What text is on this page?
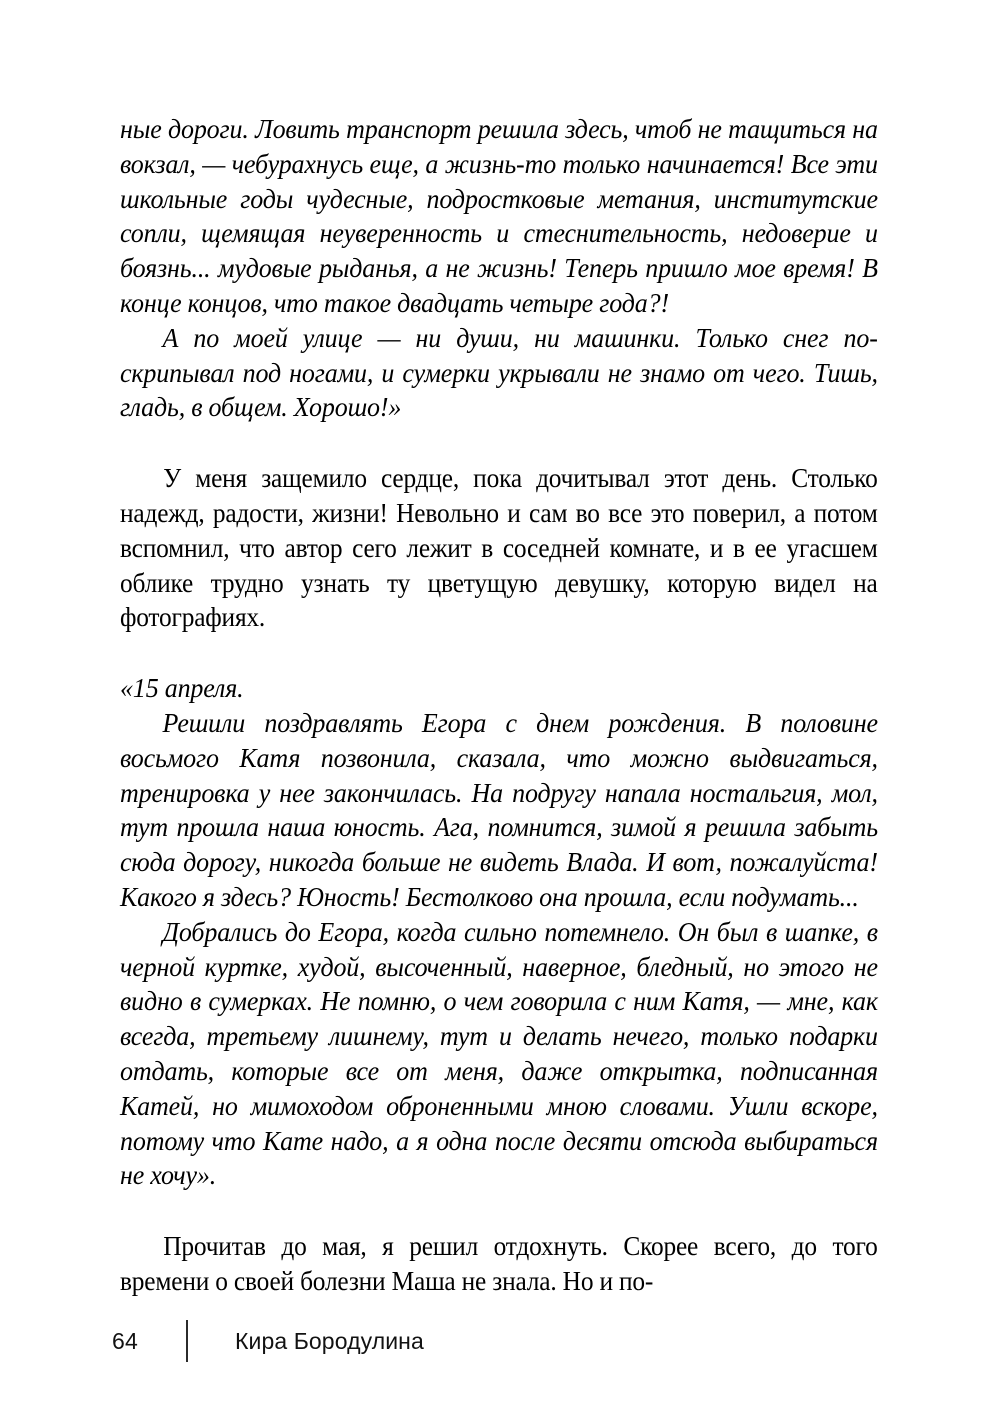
ные дороги. Ловить транспорт решила здесь, чтоб не тащиться на вокзал, — чебурахнусь еще, а жизнь-то только начинается! Все эти школьные годы чудесные, подростковые метания, институтские сопли, щемящая неуверенность и стеснительность, недоверие и боязнь... мудовые рыданья, а не жизнь! Теперь пришло мое время! В конце концов, что такое двадцать четыре года?!

А по моей улице — ни души, ни машинки. Только снег поскрипывал под ногами, и сумерки укрывали не знамо от чего. Тишь, гладь, в общем. Хорошо!»

У меня защемило сердце, пока дочитывал этот день. Столько надежд, радости, жизни! Невольно и сам во все это поверил, а потом вспомнил, что автор сего лежит в соседней комнате, и в ее угасшем облике трудно узнать ту цветущую девушку, которую видел на фотографиях.

«15 апреля.

Решили поздравлять Егора с днем рождения. В половине восьмого Катя позвонила, сказала, что можно выдвигаться, тренировка у нее закончилась. На подругу напала ностальгия, мол, тут прошла наша юность. Ага, помнится, зимой я решила забыть сюда дорогу, никогда больше не видеть Влада. И вот, пожалуйста! Какого я здесь? Юность! Бестолково она прошла, если подумать...

Добрались до Егора, когда сильно потемнело. Он был в шапке, в черной куртке, худой, высоченный, наверное, бледный, но этого не видно в сумерках. Не помню, о чем говорила с ним Катя, — мне, как всегда, третьему лишнему, тут и делать нечего, только подарки отдать, которые все от меня, даже открытка, подписанная Катей, но мимоходом оброненными мною словами. Ушли вскоре, потому что Кате надо, а я одна после десяти отсюда выбираться не хочу».

Прочитав до мая, я решил отдохнуть. Скорее всего, до того времени о своей болезни Маша не знала. Но и по-

64	Кира Бородулина
